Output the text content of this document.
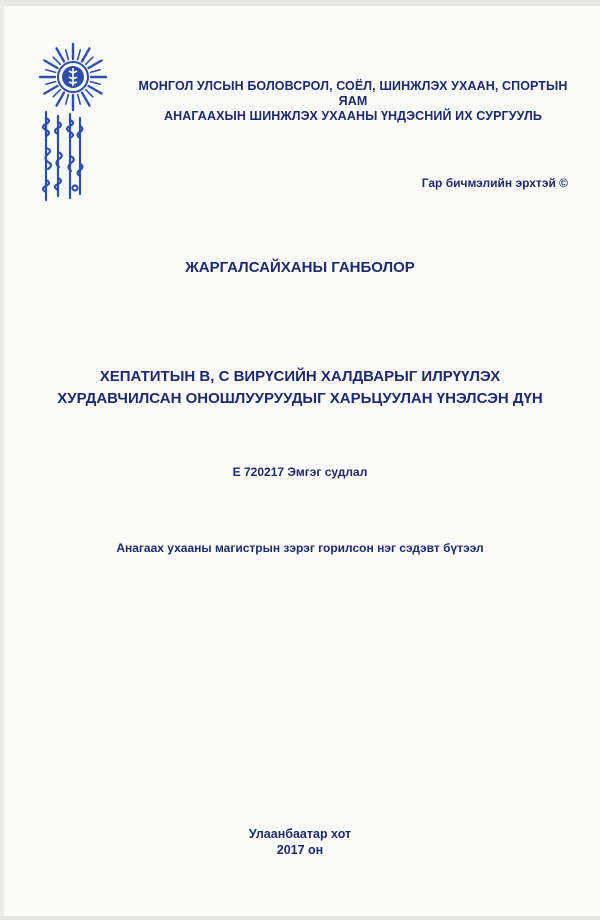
МОНГОЛ УЛСЫН БОЛОВСРОЛ, СОЁЛ, ШИНЖЛЭХ УХААН, СПОРТЫН ЯАМ
АНАГААХЫН ШИНЖЛЭХ УХААНЫ ҮНДЭСНИЙ ИХ СУРГУУЛЬ
Гар бичмэлийн эрхтэй ©
ЖАРГАЛСАЙХАНЫ ГАНБОЛОР
ХЕПАТИТЫН В, С ВИРҮСИЙН ХАЛДВАРЫГ ИЛРҮҮЛЭХ
ХУРДАВЧИЛСАН ОНОШЛУУРУУДЫГ ХАРЬЦУУЛАН ҮНЭЛСЭН ДҮН
E 720217 Эмгэг судлал
Анагаах ухааны магистрын зэрэг горилсон нэг сэдэвт бүтээл
Улаанбаатар хот
2017 он
